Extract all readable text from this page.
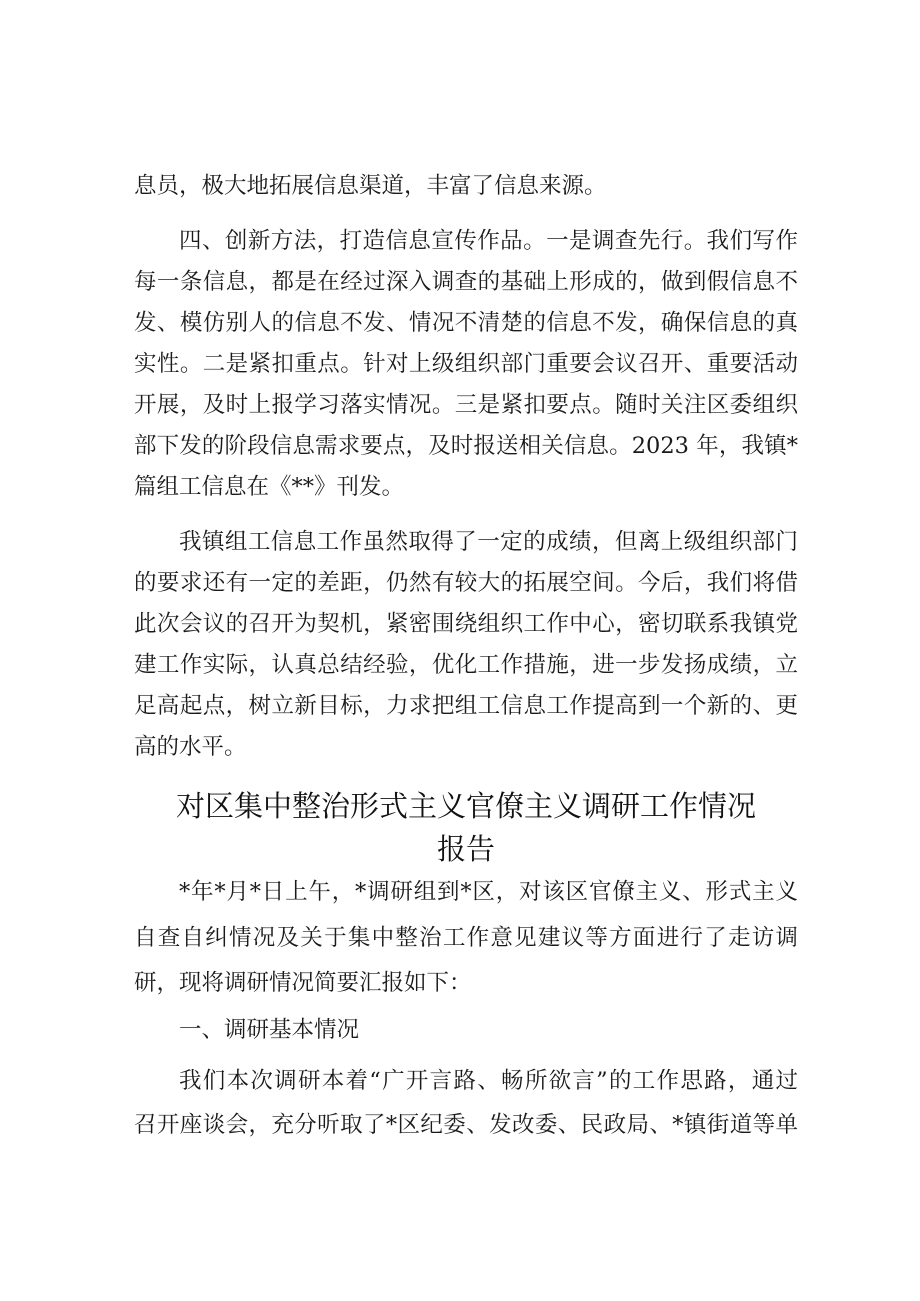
息员，极大地拓展信息渠道，丰富了信息来源。
四、创新方法，打造信息宣传作品。一是调查先行。我们写作
每一条信息，都是在经过深入调查的基础上形成的，做到假信息不
发、模仿别人的信息不发、情况不清楚的信息不发，确保信息的真
实性。二是紧扣重点。针对上级组织部门重要会议召开、重要活动
开展，及时上报学习落实情况。三是紧扣要点。随时关注区委组织
部下发的阶段信息需求要点，及时报送相关信息。2023 年，我镇*
篇组工信息在《**》刊发。
我镇组工信息工作虽然取得了一定的成绩，但离上级组织部门
的要求还有一定的差距，仍然有较大的拓展空间。今后，我们将借
此次会议的召开为契机，紧密围绕组织工作中心，密切联系我镇党
建工作实际，认真总结经验，优化工作措施，进一步发扬成绩，立
足高起点，树立新目标，力求把组工信息工作提高到一个新的、更
高的水平。
对区集中整治形式主义官僚主义调研工作情况
报告
*年*月*日上午，*调研组到*区，对该区官僚主义、形式主义
自查自纠情况及关于集中整治工作意见建议等方面进行了走访调
研，现将调研情况简要汇报如下：
一、调研基本情况
我们本次调研本着“广开言路、畅所欲言”的工作思路，通过
召开座谈会，充分听取了*区纪委、发改委、民政局、*镇街道等单
